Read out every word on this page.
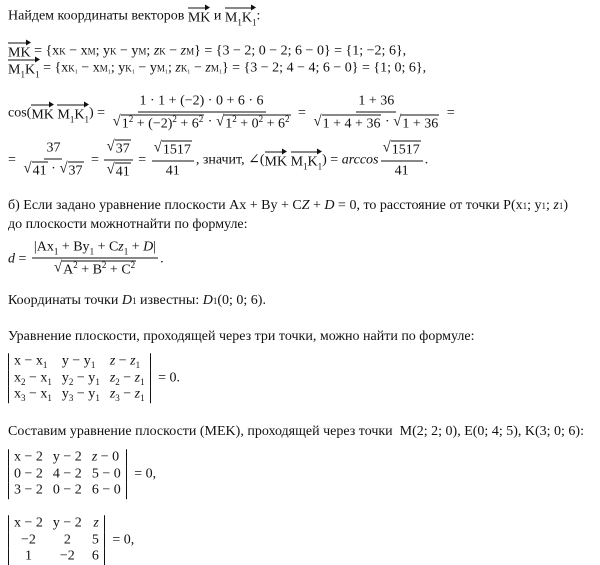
Найдем координаты векторов MK и $M_1K_1$ :
MK = {x K − x M ; y K − y M ; z K − z M } = {3 − 2; 0 − 2; 6 − 0} = {1; −2; 6},
$M_1K_1 = \{x$ K₁ − x M₁ ; y K₁ − y M₁ ; z K₁ − z M₁ } = {3 − 2; 4 − 4; 6 − 0} = {1; 0; 6},
cos( MK
$M_1K_1$ ) = $\frac{1 \cdot 1 + (-2) \cdot 0 + 6 \cdot 6}{√ 1^2 + (-2)^2 + 6^2 \cdot √ 1^2 + 0^2 + 6^2} = \frac{1 + 36}{√ 1 + 4 + 36 \cdot √ 1 + 36}$ =
= $\frac{37}{√ 41 \cdot √ 37} = \frac{√ 37}{√ 41} = \frac{√ 1517}{41}$ , значит, ∠( MK
$M_1K_1$ ) = $\arccos \frac{√ 1517}{41}$ .
б) Если задано уравнение плоскости Ax + By + C Z + D = 0, то расстояние от точки P(x 1 ; y 1 ; z 1 )
до плоскости можнотнайти по формуле:
$d = \frac{|Ax_1 + By_1 + Cz_1 + D|}{√ A^2 + B^2 + C^2}$ .
Координаты точки D 1 известны: D 1 (0; 0; 6).
Уравнение плоскости, проходящей через три точки, можно найти по формуле:
$x - x_1$	$y - y_1$	$z - z_1$
$x_2 - x_1$	$y_2 - y_1$	$z_2 - z_1$
$x_3 - x_1$	$y_3 - y_1$	$z_3 - z_1$
= 0.
Составим уравнение плоскости (MEK), проходящей через точки  M(2; 2; 0), E(0; 4; 5), K(3; 0; 6):
x − 2	y − 2	z − 0
0 − 2	4 − 2	5 − 0
3 − 2	0 − 2	6 − 0
= 0,
x − 2	y − 2	z
−2	2	5
1	−2	6
= 0,
